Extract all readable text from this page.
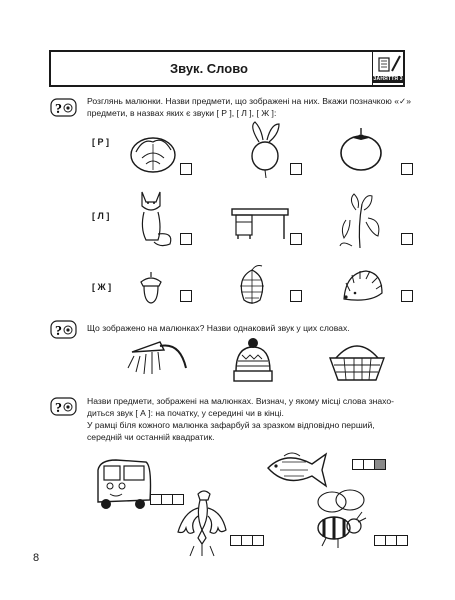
Звук. Слово
ЗАНЯТТЯ 3
?
Розглянь малюнки. Назви предмети, що зображені на них. Вкажи позначкою «✓»
предмети, в назвах яких є звуки [ Р ], [ Л ], [ Ж ]:
[ Р ]
[ Л ]
[ Ж ]
?	Що зображено на малюнках? Назви однаковий звук у цих словах.
?	Назви предмети, зображені на малюнках. Визнач, у якому місці слова знахо-
диться звук [ А ]: на початку, у середині чи в кінці.
У рамці біля кожного малюнка зафарбуй за зразком відповідно перший,
середній чи останній квадратик.
8
